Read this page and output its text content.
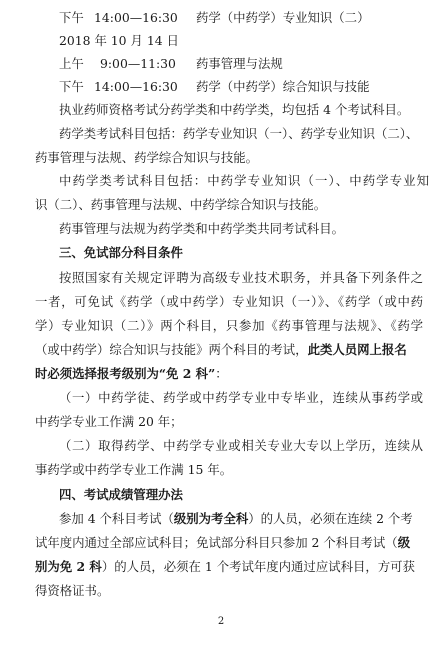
下午 14:00—16:30 药学（中药学）专业知识（二）
2018 年 10 月 14 日
上午 9:00—11:30 药事管理与法规
下午 14:00—16:30 药学（中药学）综合知识与技能
执业药师资格考试分药学类和中药学类，均包括 4 个考试科目。
药学类考试科目包括：药学专业知识（一）、药学专业知识（二）、
药事管理与法规、药学综合知识与技能。
中药学类考试科目包括：中药学专业知识（一）、中药学专业知
识（二）、药事管理与法规、中药学综合知识与技能。
药事管理与法规为药学类和中药学类共同考试科目。
三、免试部分科目条件
按照国家有关规定评聘为高级专业技术职务，并具备下列条件之
一者，可免试《药学（或中药学）专业知识（一）》、《药学（或中药
学）专业知识（二）》两个科目，只参加《药事管理与法规》、《药学
（或中药学）综合知识与技能》两个科目的考试，此类人员网上报名
时必须选择报考级别为“免 2 科”：
（一）中药学徒、药学或中药学专业中专毕业，连续从事药学或
中药学专业工作满 20 年；
（二）取得药学、中药学专业或相关专业大专以上学历，连续从
事药学或中药学专业工作满 15 年。
四、考试成绩管理办法
参加 4 个科目考试（级别为考全科）的人员，必须在连续 2 个考
试年度内通过全部应试科目；免试部分科目只参加 2 个科目考试（级
别为免 2 科）的人员，必须在 1 个考试年度内通过应试科目，方可获
得资格证书。
2
